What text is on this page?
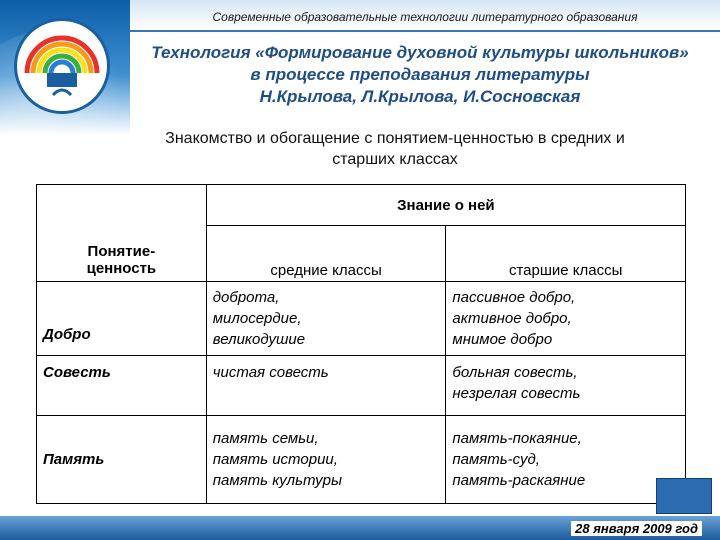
Современные образовательные технологии литературного образования
Технология «Формирование духовной культуры школьников»
в процессе преподавания литературы
Н.Крылова, Л.Крылова, И.Сосновская
Знакомство и обогащение с понятием-ценностью в средних и
старших классах
Понятие-
ценность	Знание о ней	
	средние классы	старшие классы
Добро	доброта,
милосердие,
великодушие	пассивное добро,
активное добро,
мнимое добро
Совесть	чистая совесть	больная совесть,
незрелая совесть
Память	память семьи,
память истории,
память культуры	память-покаяние,
память-суд,
память-раскаяние
28 января 2009 год
